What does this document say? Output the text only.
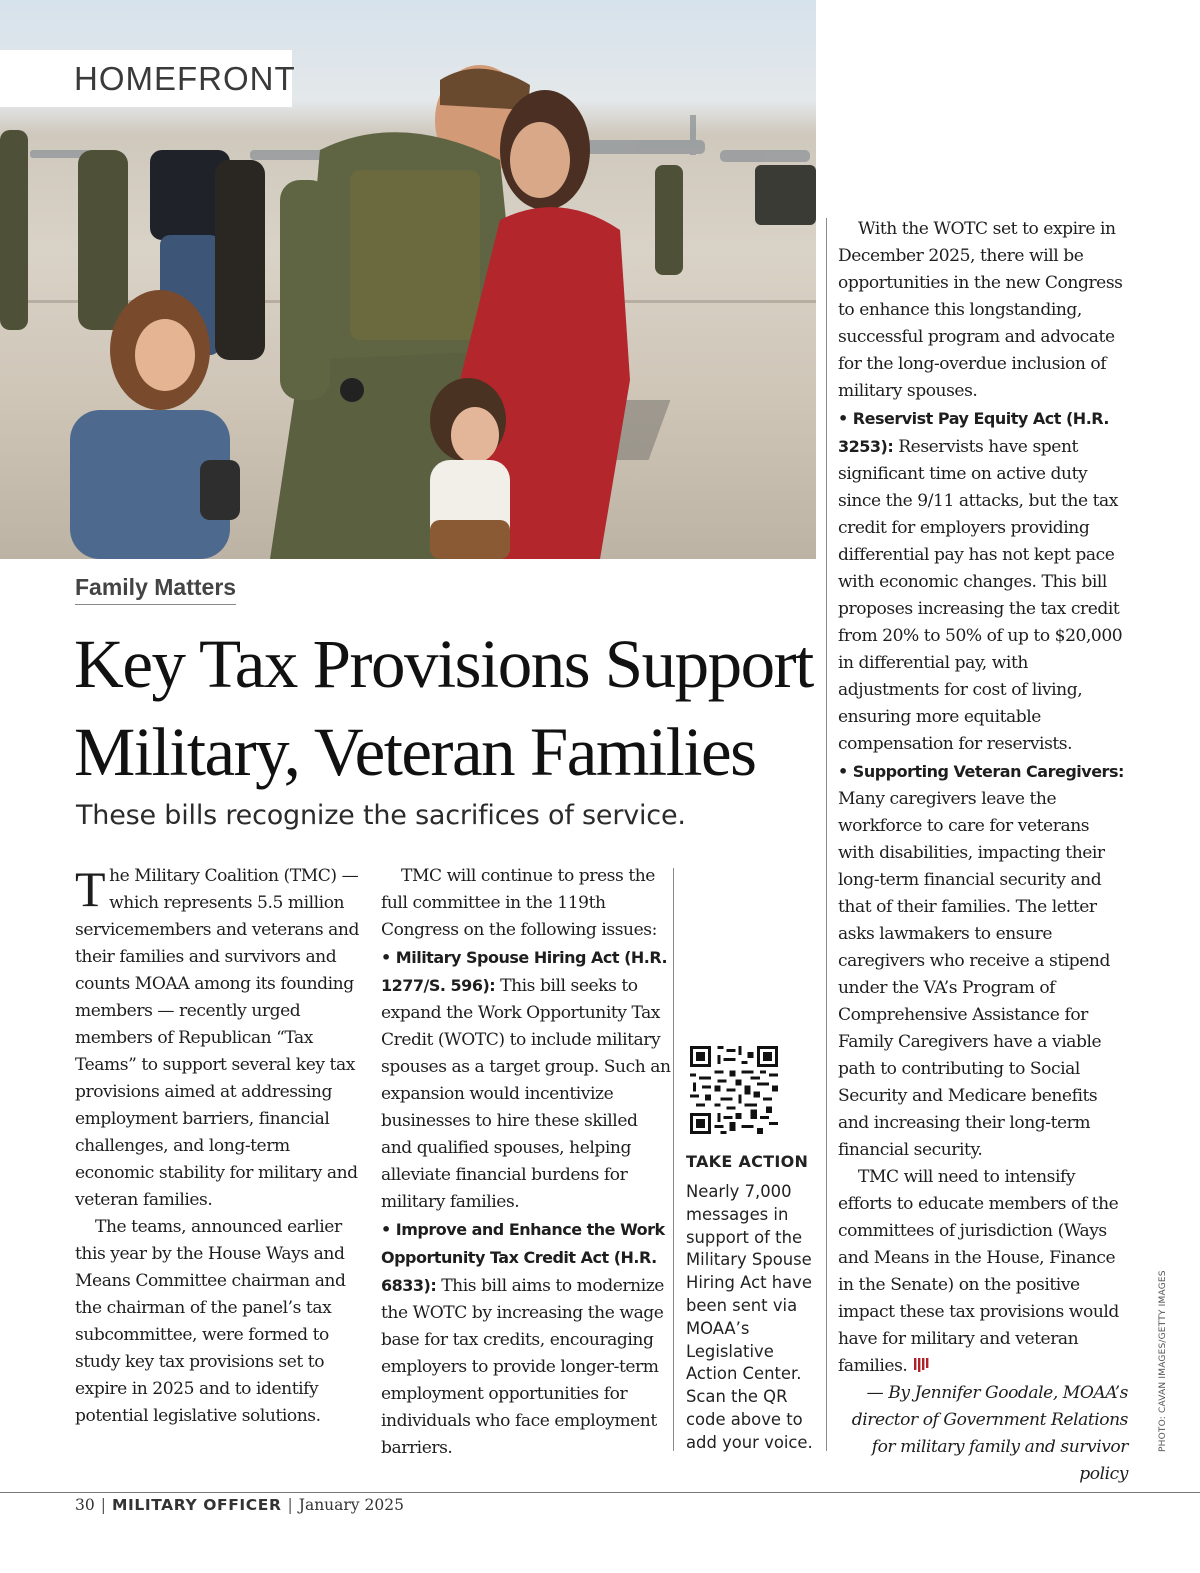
HOMEFRONT
Family Matters
Key Tax Provisions Support
Military, Veteran Families
These bills recognize the sacrifices of service.

The Military Coalition (TMC) — which represents 5.5 million servicemembers and veterans and their families and survivors and counts MOAA among its founding members — recently urged members of Republican “Tax Teams” to support several key tax provisions aimed at addressing employment barriers, financial challenges, and long-term economic stability for military and veteran families.

The teams, announced earlier this year by the House Ways and Means Committee chairman and the chairman of the panel’s tax subcommittee, were formed to study key tax provisions set to expire in 2025 and to identify potential legislative solutions.

TMC will continue to press the full committee in the 119th Congress on the following issues:

• Military Spouse Hiring Act (H.R. 1277/S. 596): This bill seeks to expand the Work Opportunity Tax Credit (WOTC) to include military spouses as a target group. Such an expansion would incentivize businesses to hire these skilled and qualified spouses, helping alleviate financial burdens for military families.

• Improve and Enhance the Work Opportunity Tax Credit Act (H.R. 6833): This bill aims to modernize the WOTC by increasing the wage base for tax credits, encouraging employers to provide longer-term employment opportunities for individuals who face employment barriers.

TAKE ACTION
Nearly 7,000 messages in support of the Military Spouse Hiring Act have been sent via MOAA’s Legislative Action Center. Scan the QR code above to add your voice.

With the WOTC set to expire in December 2025, there will be opportunities in the new Congress to enhance this longstanding, successful program and advocate for the long-overdue inclusion of military spouses.

• Reservist Pay Equity Act (H.R. 3253): Reservists have spent significant time on active duty since the 9/11 attacks, but the tax credit for employers providing differential pay has not kept pace with economic changes. This bill proposes increasing the tax credit from 20% to 50% of up to $20,000 in differential pay, with adjustments for cost of living, ensuring more equitable compensation for reservists.

• Supporting Veteran Caregivers: Many caregivers leave the workforce to care for veterans with disabilities, impacting their long-term financial security and that of their families. The letter asks lawmakers to ensure caregivers who receive a stipend under the VA’s Program of Comprehensive Assistance for Family Caregivers have a viable path to contributing to Social Security and Medicare benefits and increasing their long-term financial security.

TMC will need to intensify efforts to educate members of the committees of jurisdiction (Ways and Means in the House, Finance in the Senate) on the positive impact these tax provisions would have for military and veteran families.

— By Jennifer Goodale, MOAA’s director of Government Relations for military family and survivor policy

PHOTO: CAVAN IMAGES/GETTY IMAGES
30 | MILITARY OFFICER | January 2025
